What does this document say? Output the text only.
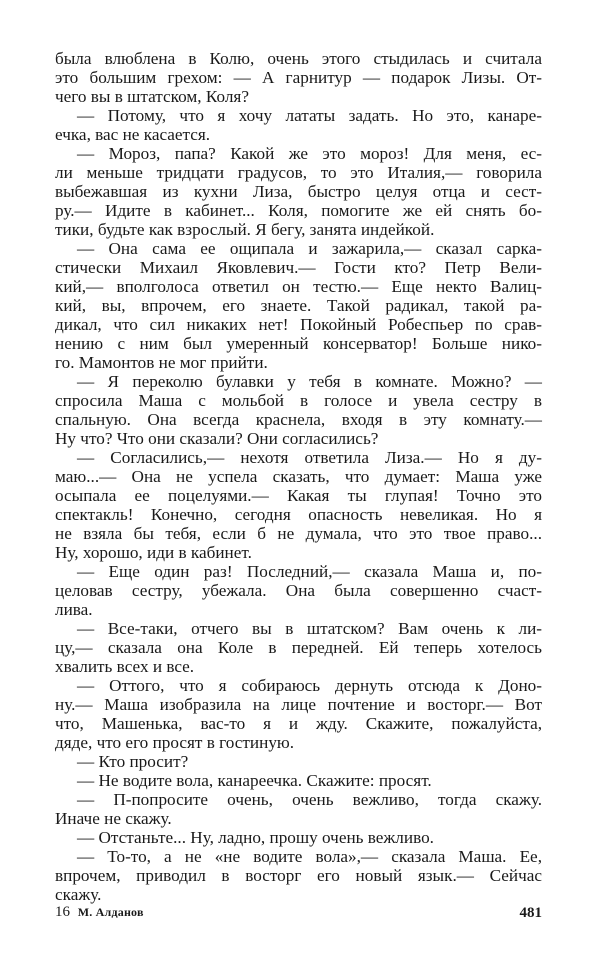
была влюблена в Колю, очень этого стыдилась и считала
это большим грехом: — А гарнитур — подарок Лизы. От-
чего вы в штатском, Коля?
— Потому, что я хочу лататы задать. Но это, канаре-
ечка, вас не касается.
— Мороз, папа? Какой же это мороз! Для меня, ес-
ли меньше тридцати градусов, то это Италия,— говорила
выбежавшая из кухни Лиза, быстро целуя отца и сест-
ру.— Идите в кабинет... Коля, помогите же ей снять бо-
тики, будьте как взрослый. Я бегу, занята индейкой.
— Она сама ее ощипала и зажарила,— сказал сарка-
стически Михаил Яковлевич.— Гости кто? Петр Вели-
кий,— вполголоса ответил он тестю.— Еще некто Валиц-
кий, вы, впрочем, его знаете. Такой радикал, такой ра-
дикал, что сил никаких нет! Покойный Робеспьер по срав-
нению с ним был умеренный консерватор! Больше нико-
го. Мамонтов не мог прийти.
— Я переколю булавки у тебя в комнате. Можно? —
спросила Маша с мольбой в голосе и увела сестру в
спальную. Она всегда краснела, входя в эту комнату.—
Ну что? Что они сказали? Они согласились?
— Согласились,— нехотя ответила Лиза.— Но я ду-
маю...— Она не успела сказать, что думает: Маша уже
осыпала ее поцелуями.— Какая ты глупая! Точно это
спектакль! Конечно, сегодня опасность невеликая. Но я
не взяла бы тебя, если б не думала, что это твое право...
Ну, хорошо, иди в кабинет.
— Еще один раз! Последний,— сказала Маша и, по-
целовав сестру, убежала. Она была совершенно счаст-
лива.
— Все-таки, отчего вы в штатском? Вам очень к ли-
цу,— сказала она Коле в передней. Ей теперь хотелось
хвалить всех и все.
— Оттого, что я собираюсь дернуть отсюда к Доно-
ну.— Маша изобразила на лице почтение и восторг.— Вот
что, Машенька, вас-то я и жду. Скажите, пожалуйста,
дяде, что его просят в гостиную.
— Кто просит?
— Не водите вола, канареечка. Скажите: просят.
— П-попросите очень, очень вежливо, тогда скажу.
Иначе не скажу.
— Отстаньте... Ну, ладно, прошу очень вежливо.
— То-то, а не «не водите вола»,— сказала Маша. Ее,
впрочем, приводил в восторг его новый язык.— Сейчас
скажу.
16 М. Алданов	481
